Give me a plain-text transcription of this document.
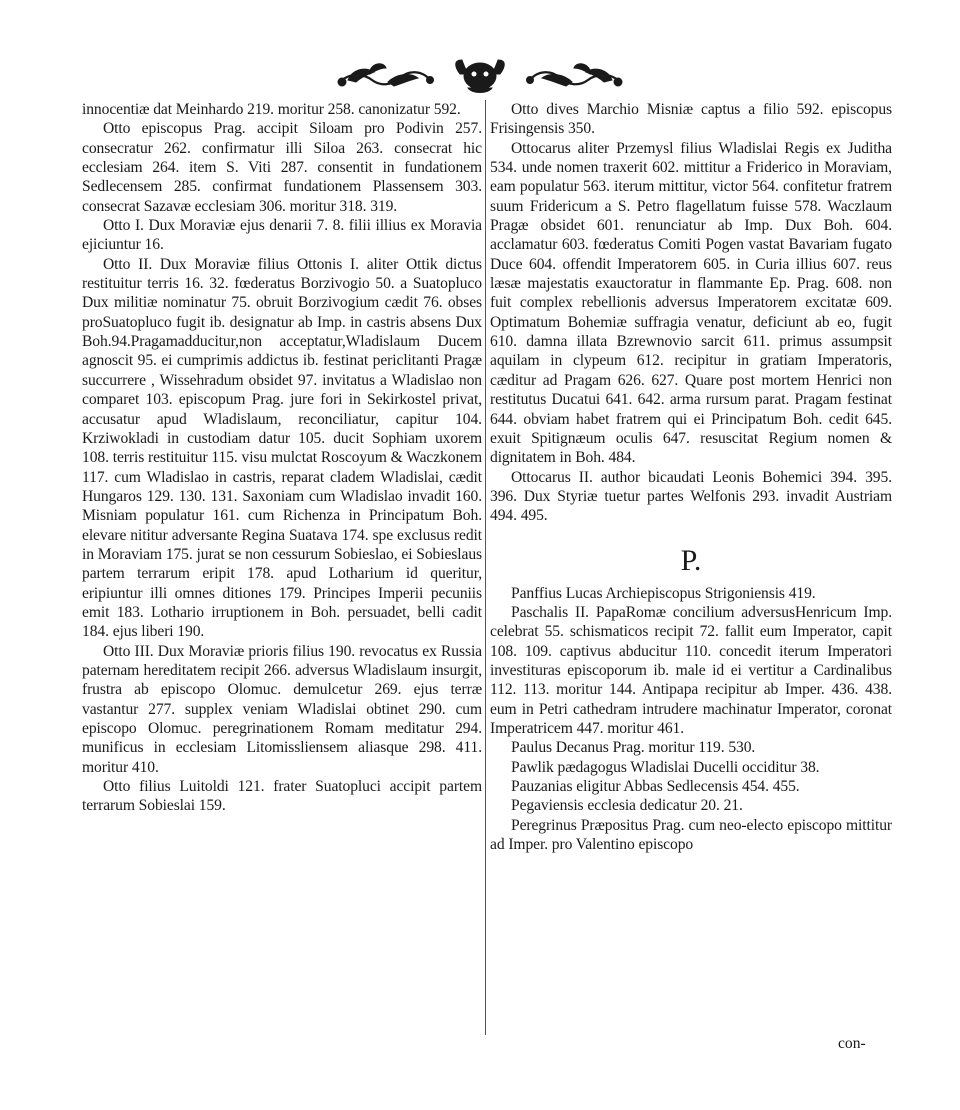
innocentiæ dat Meinhardo 219. moritur 258. canonizatur 592.

Otto episcopus Prag. accipit Siloam pro Podivin 257. consecratur 262. confirmatur illi Siloa 263. consecrat hic ecclesiam 264. item S. Viti 287. consentit in fundationem Sedlecensem 285. confirmat fundationem Plassensem 303. consecrat Sazavæ ecclesiam 306. moritur 318. 319.

Otto I. Dux Moraviæ ejus denarii 7. 8. filii illius ex Moravia ejiciuntur 16.

Otto II. Dux Moraviæ filius Ottonis I. aliter Ottik dictus restituitur terris 16. 32. fœderatus Borzivogio 50. a Suatopluco Dux militiæ nominatur 75. obruit Borzivogium cædit 76. obses proSuatopluco fugit ib. designatur ab Imp. in castris absens Dux Boh.94.Pragamadducitur,non acceptatur,Wladislaum Ducem agnoscit 95. ei cumprimis addictus ib. festinat periclitanti Pragæ succurrere , Wissehradum obsidet 97. invitatus a Wladislao non comparet 103. episcopum Prag. jure fori in Sekirkostel privat, accusatur apud Wladislaum, reconciliatur, capitur 104. Krziwokladi in custodiam datur 105. ducit Sophiam uxorem 108. terris restituitur 115. visu mulctat Roscoyum & Waczkonem 117. cum Wladislao in castris, reparat cladem Wladislai, cædit Hungaros 129. 130. 131. Saxoniam cum Wladislao invadit 160. Misniam populatur 161. cum Richenza in Principatum Boh. elevare nititur adversante Regina Suatava 174. spe exclusus redit in Moraviam 175. jurat se non cessurum Sobieslao, ei Sobieslaus partem terrarum eripit 178. apud Lotharium id queritur, eripiuntur illi omnes ditiones 179. Principes Imperii pecuniis emit 183. Lothario irruptionem in Boh. persuadet, belli cadit 184. ejus liberi 190.

Otto III. Dux Moraviæ prioris filius 190. revocatus ex Russia paternam hereditatem recipit 266. adversus Wladislaum insurgit, frustra ab episcopo Olomuc. demulcetur 269. ejus terræ vastantur 277. supplex veniam Wladislai obtinet 290. cum episcopo Olomuc. peregrinationem Romam meditatur 294. munificus in ecclesiam Litomissliensem aliasque 298. 411. moritur 410.

Otto filius Luitoldi 121. frater Suatopluci accipit partem terrarum Sobieslai 159.

Otto dives Marchio Misniæ captus a filio 592. episcopus Frisingensis 350.

Ottocarus aliter Przemysl filius Wladislai Regis ex Juditha 534. unde nomen traxerit 602. mittitur a Friderico in Moraviam, eam populatur 563. iterum mittitur, victor 564. confitetur fratrem suum Fridericum a S. Petro flagellatum fuisse 578. Waczlaum Pragæ obsidet 601. renunciatur ab Imp. Dux Boh. 604. acclamatur 603. fœderatus Comiti Pogen vastat Bavariam fugato Duce 604. offendit Imperatorem 605. in Curia illius 607. reus læsæ majestatis exauctoratur in flammante Ep. Prag. 608. non fuit complex rebellionis adversus Imperatorem excitatæ 609. Optimatum Bohemiæ suffragia venatur, deficiunt ab eo, fugit 610. damna illata Bzrewnovio sarcit 611. primus assumpsit aquilam in clypeum 612. recipitur in gratiam Imperatoris, cæditur ad Pragam 626. 627. Quare post mortem Henrici non restitutus Ducatui 641. 642. arma rursum parat. Pragam festinat 644. obviam habet fratrem qui ei Principatum Boh. cedit 645. exuit Spitignæum oculis 647. resuscitat Regium nomen & dignitatem in Boh. 484.

Ottocarus II. author bicaudati Leonis Bohemici 394. 395. 396. Dux Styriæ tuetur partes Welfonis 293. invadit Austriam 494. 495.

P.

Panffius Lucas Archiepiscopus Strigoniensis 419.

Paschalis II. PapaRomæ concilium adversusHenricum Imp. celebrat 55. schismaticos recipit 72. fallit eum Imperator, capit 108. 109. captivus abducitur 110. concedit iterum Imperatori investituras episcoporum ib. male id ei vertitur a Cardinalibus 112. 113. moritur 144. Antipapa recipitur ab Imper. 436. 438. eum in Petri cathedram intrudere machinatur Imperator, coronat Imperatricem 447. moritur 461.

Paulus Decanus Prag. moritur 119. 530.

Pawlik pædagogus Wladislai Ducelli occiditur 38.

Pauzanias eligitur Abbas Sedlecensis 454. 455.

Pegaviensis ecclesia dedicatur 20. 21.

Peregrinus Præpositus Prag. cum neo-electo episcopo mittitur ad Imper. pro Valentino episcopo

con-
